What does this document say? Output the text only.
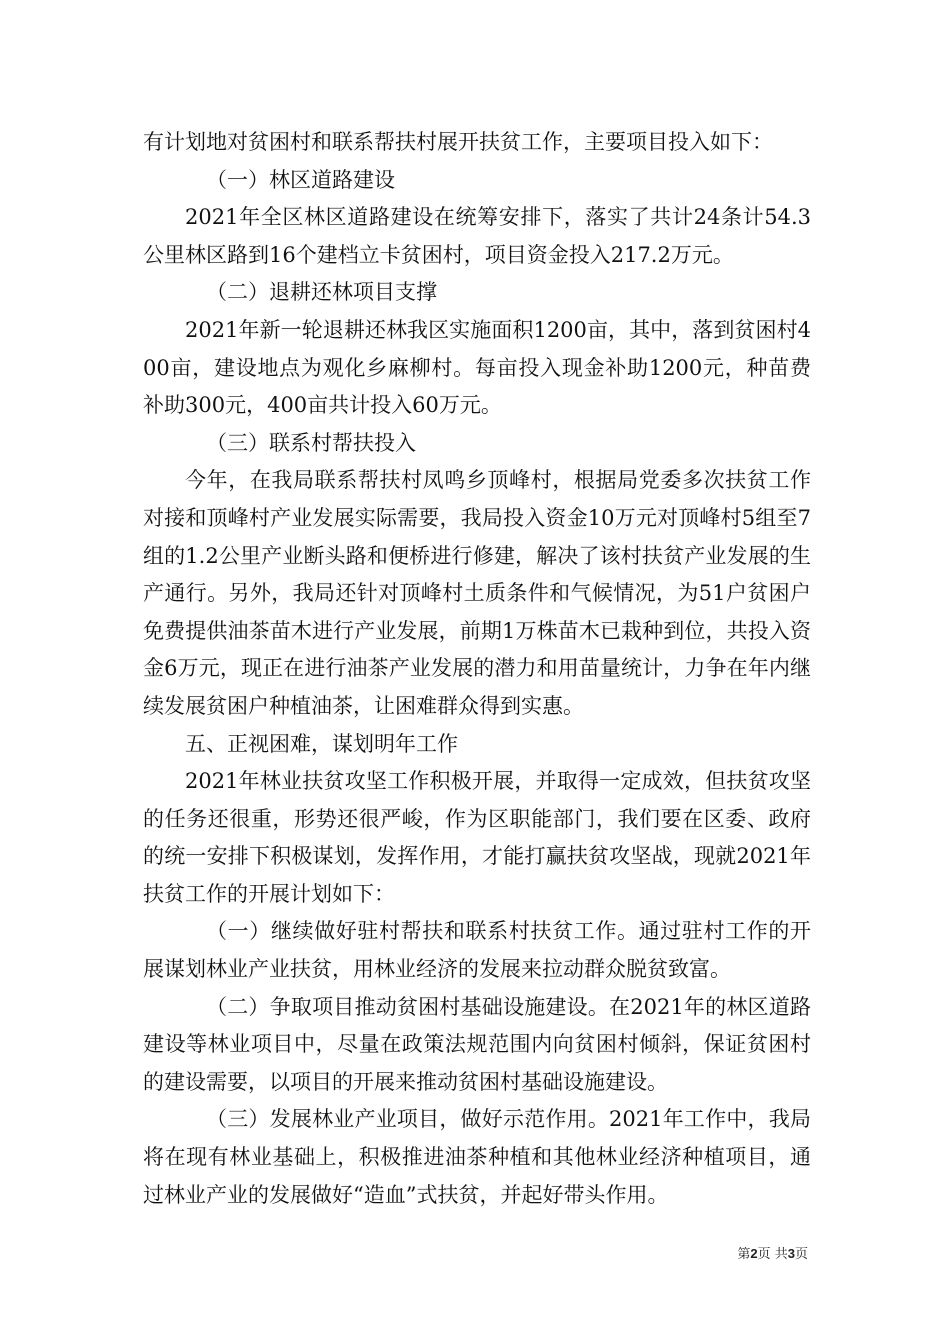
有计划地对贫困村和联系帮扶村展开扶贫工作，主要项目投入如下：

（一）林区道路建设

2021年全区林区道路建设在统筹安排下，落实了共计24条计54.3公里林区路到16个建档立卡贫困村，项目资金投入217.2万元。

（二）退耕还林项目支撑

2021年新一轮退耕还林我区实施面积1200亩，其中，落到贫困村400亩，建设地点为观化乡麻柳村。每亩投入现金补助1200元，种苗费补助300元，400亩共计投入60万元。

（三）联系村帮扶投入

今年，在我局联系帮扶村凤鸣乡顶峰村，根据局党委多次扶贫工作对接和顶峰村产业发展实际需要，我局投入资金10万元对顶峰村5组至7组的1.2公里产业断头路和便桥进行修建，解决了该村扶贫产业发展的生产通行。另外，我局还针对顶峰村土质条件和气候情况，为51户贫困户免费提供油茶苗木进行产业发展，前期1万株苗木已栽种到位，共投入资金6万元，现正在进行油茶产业发展的潜力和用苗量统计，力争在年内继续发展贫困户种植油茶，让困难群众得到实惠。

五、正视困难，谋划明年工作

2021年林业扶贫攻坚工作积极开展，并取得一定成效，但扶贫攻坚的任务还很重，形势还很严峻，作为区职能部门，我们要在区委、政府的统一安排下积极谋划，发挥作用，才能打赢扶贫攻坚战，现就2021年扶贫工作的开展计划如下：

（一）继续做好驻村帮扶和联系村扶贫工作。通过驻村工作的开展谋划林业产业扶贫，用林业经济的发展来拉动群众脱贫致富。

（二）争取项目推动贫困村基础设施建设。在2021年的林区道路建设等林业项目中，尽量在政策法规范围内向贫困村倾斜，保证贫困村的建设需要，以项目的开展来推动贫困村基础设施建设。

（三）发展林业产业项目，做好示范作用。2021年工作中，我局将在现有林业基础上，积极推进油茶种植和其他林业经济种植项目，通过林业产业的发展做好“造血”式扶贫，并起好带头作用。

第2页 共3页
